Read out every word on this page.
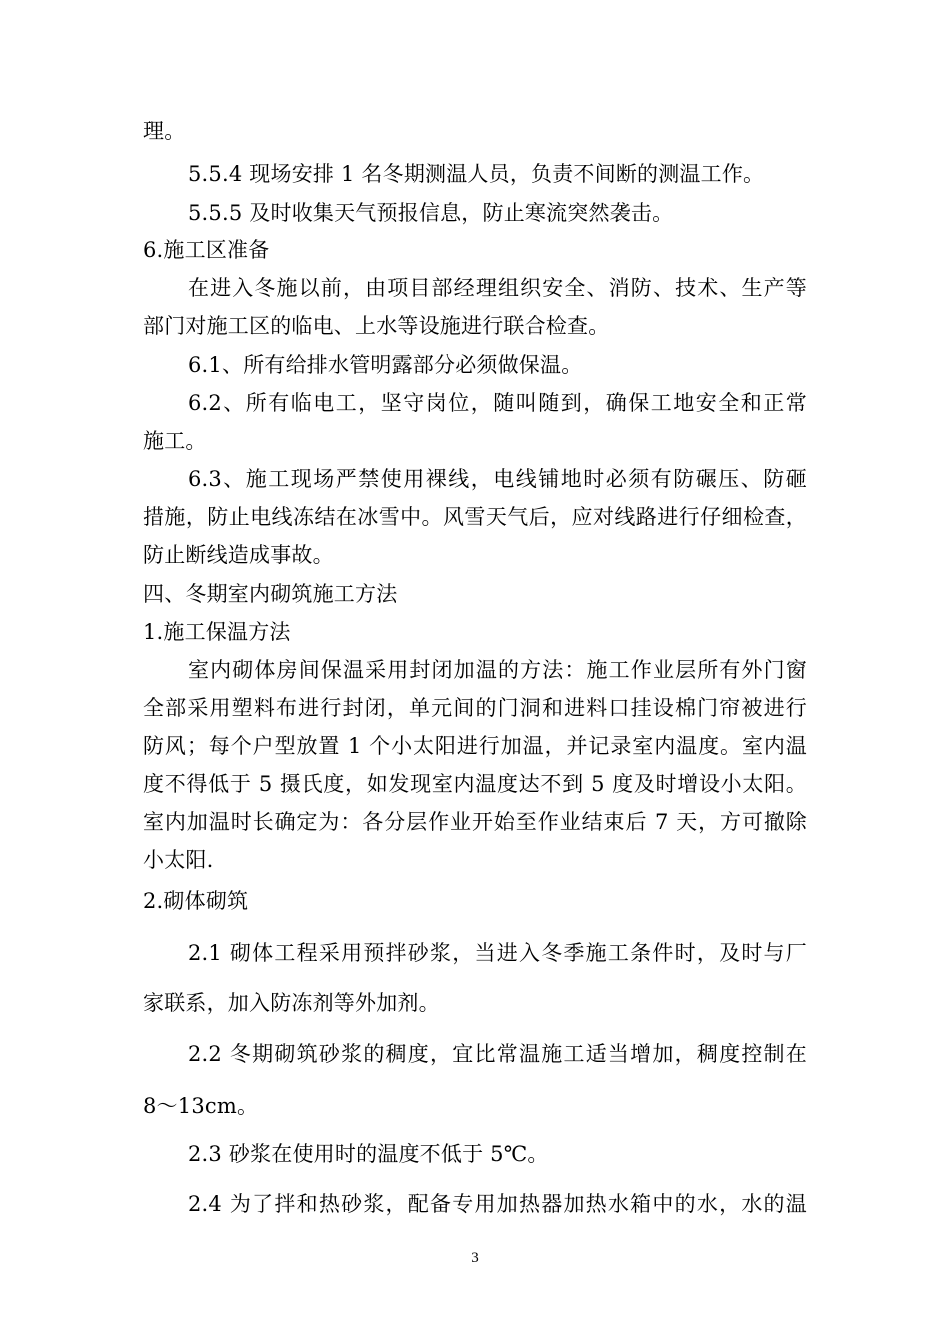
理。
5.5.4 现场安排 1 名冬期测温人员，负责不间断的测温工作。
5.5.5 及时收集天气预报信息，防止寒流突然袭击。
6.施工区准备
在进入冬施以前，由项目部经理组织安全、消防、技术、生产等
部门对施工区的临电、上水等设施进行联合检查。
6.1、所有给排水管明露部分必须做保温。
6.2、所有临电工，坚守岗位，随叫随到，确保工地安全和正常
施工。
6.3、施工现场严禁使用裸线，电线铺地时必须有防碾压、防砸
措施，防止电线冻结在冰雪中。风雪天气后，应对线路进行仔细检查，
防止断线造成事故。
四、冬期室内砌筑施工方法
1.施工保温方法
室内砌体房间保温采用封闭加温的方法：施工作业层所有外门窗
全部采用塑料布进行封闭，单元间的门洞和进料口挂设棉门帘被进行
防风；每个户型放置 1 个小太阳进行加温，并记录室内温度。室内温
度不得低于 5 摄氏度，如发现室内温度达不到 5 度及时增设小太阳。
室内加温时长确定为：各分层作业开始至作业结束后 7 天，方可撤除
小太阳.
2.砌体砌筑
2.1 砌体工程采用预拌砂浆，当进入冬季施工条件时，及时与厂
家联系，加入防冻剂等外加剂。
2.2 冬期砌筑砂浆的稠度，宜比常温施工适当增加，稠度控制在
8～13cm。
2.3 砂浆在使用时的温度不低于 5℃。
2.4 为了拌和热砂浆，配备专用加热器加热水箱中的水，水的温
3
